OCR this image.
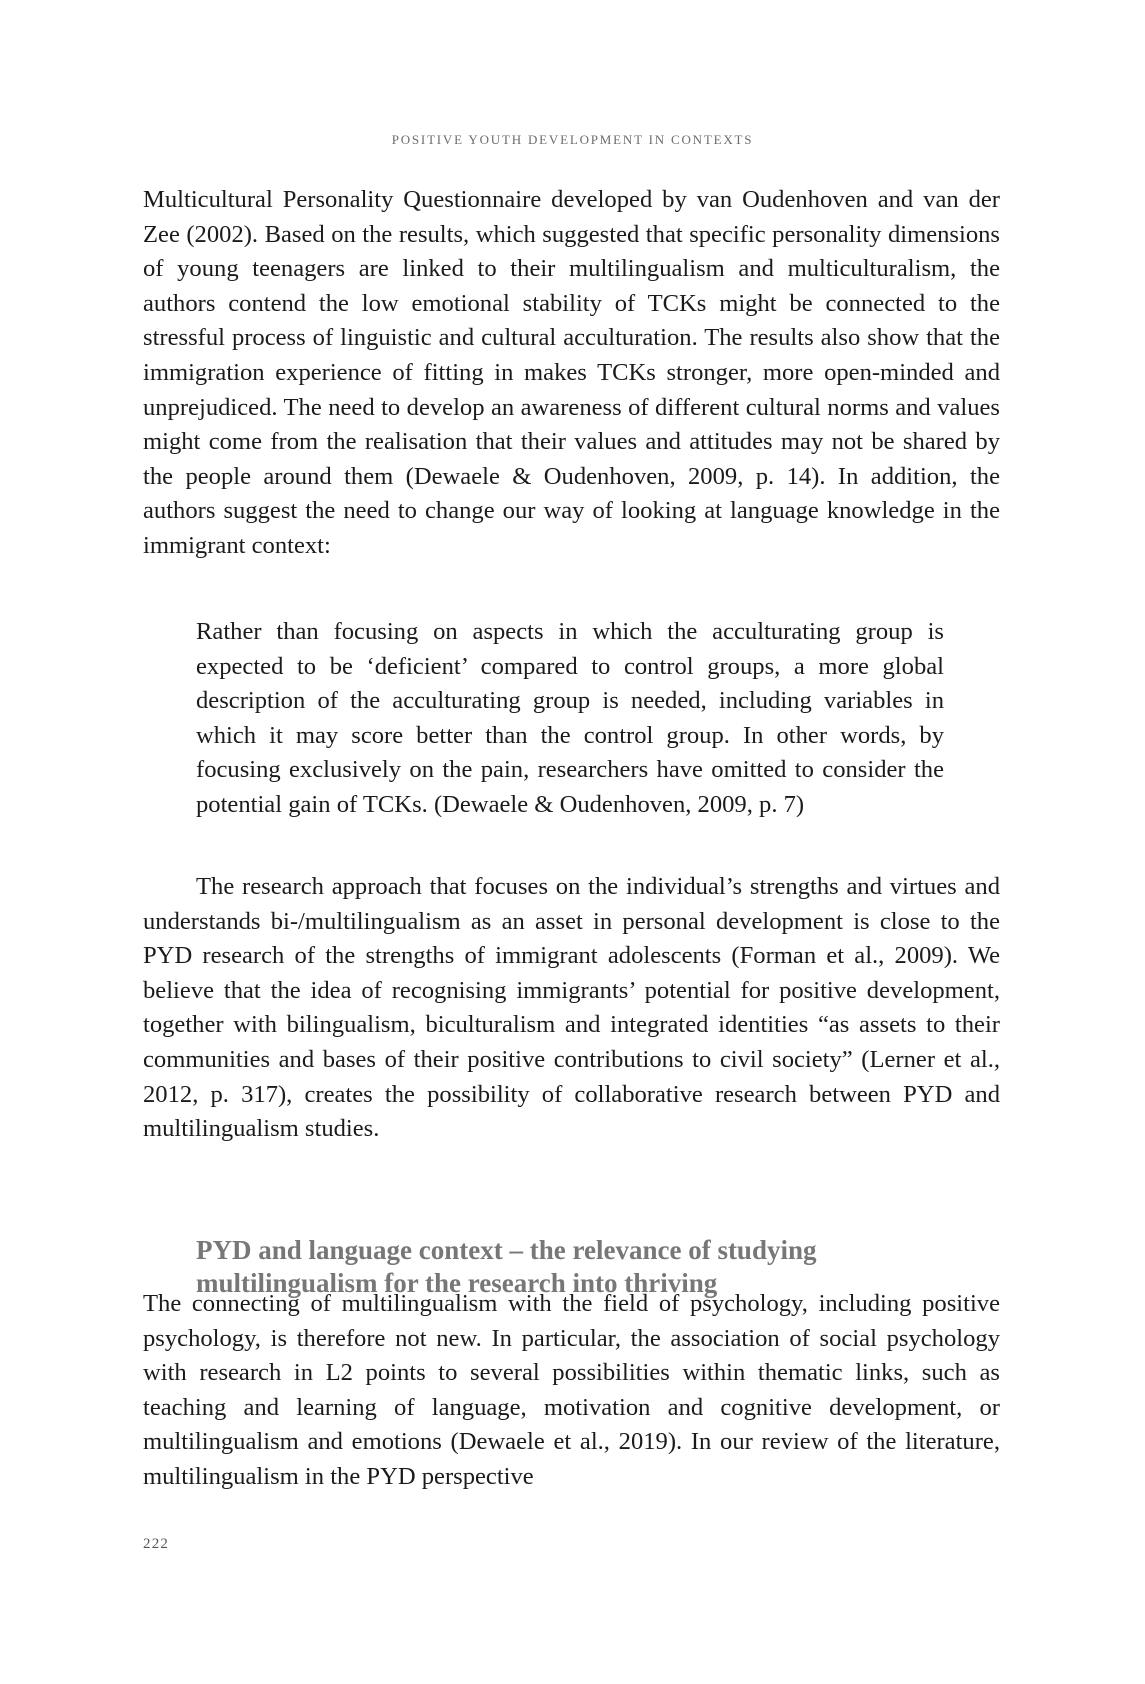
POSITIVE YOUTH DEVELOPMENT IN CONTEXTS

Multicultural Personality Questionnaire developed by van Oudenhoven and van der Zee (2002). Based on the results, which suggested that specific personality dimensions of young teenagers are linked to their multilingualism and multiculturalism, the authors contend the low emotional stability of TCKs might be connected to the stressful process of linguistic and cultural acculturation. The results also show that the immigration experience of fitting in makes TCKs stronger, more open-minded and unprejudiced. The need to develop an awareness of different cultural norms and values might come from the realisation that their values and attitudes may not be shared by the people around them (Dewaele & Oudenhoven, 2009, p. 14). In addition, the authors suggest the need to change our way of looking at language knowledge in the immigrant context:

Rather than focusing on aspects in which the acculturating group is expected to be ‘deficient’ compared to control groups, a more global description of the acculturating group is needed, including variables in which it may score better than the control group. In other words, by focusing exclusively on the pain, researchers have omitted to consider the potential gain of TCKs. (Dewaele & Oudenhoven, 2009, p. 7)

The research approach that focuses on the individual’s strengths and virtues and understands bi-/multilingualism as an asset in personal development is close to the PYD research of the strengths of immigrant adolescents (Forman et al., 2009). We believe that the idea of recognising immigrants’ potential for positive development, together with bilingualism, biculturalism and integrated identities “as assets to their communities and bases of their positive contributions to civil society” (Lerner et al., 2012, p. 317), creates the possibility of collaborative research between PYD and multilingualism studies.

PYD and language context – the relevance of studying multilingualism for the research into thriving

The connecting of multilingualism with the field of psychology, including positive psychology, is therefore not new. In particular, the association of social psychology with research in L2 points to several possibilities within thematic links, such as teaching and learning of language, motivation and cognitive development, or multilingualism and emotions (Dewaele et al., 2019). In our review of the literature, multilingualism in the PYD perspective

222
